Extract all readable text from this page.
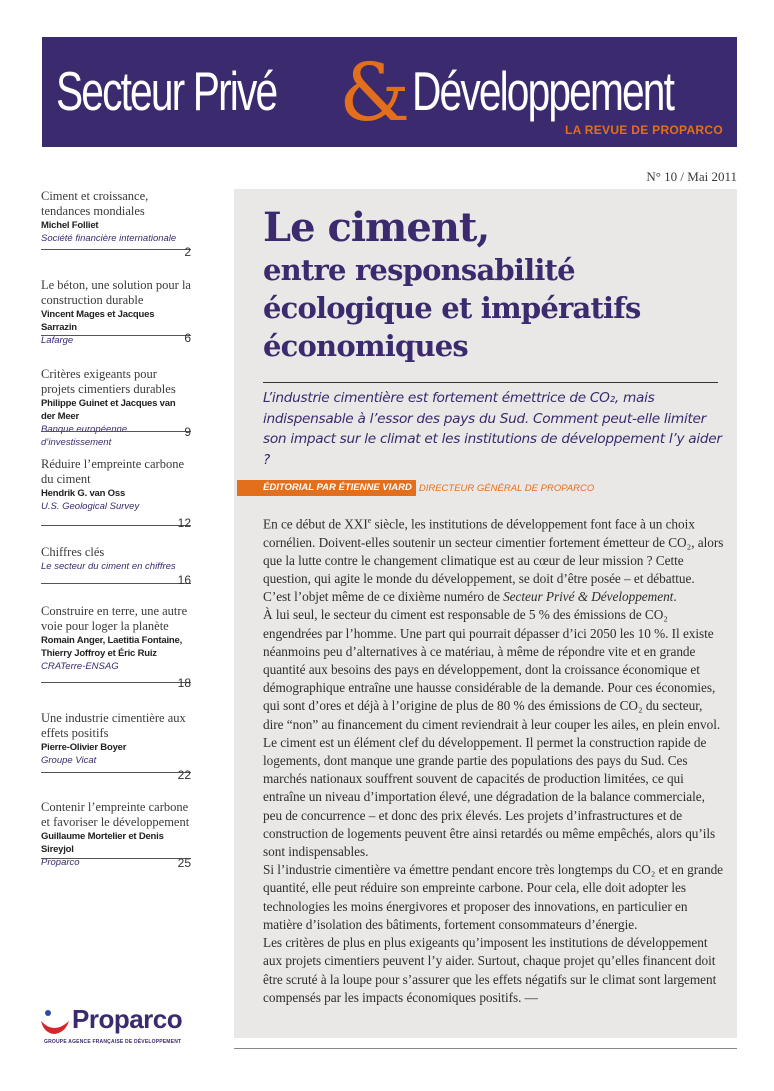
Secteur Privé & Développement
LA REVUE DE PROPARCO
N° 10 / Mai 2011
Ciment et croissance, tendances mondiales
Michel Folliet
Société financière internationale
2
Le béton, une solution pour la construction durable
Vincent Mages et Jacques Sarrazin
Lafarge	6
Critères exigeants pour projets cimentiers durables
Philippe Guinet et Jacques van der Meer
Banque européenne d’investissement
9
Réduire l’empreinte carbone du ciment
Hendrik G. van Oss
U.S. Geological Survey
12
Chiffres clés
Le secteur du ciment en chiffres
16
Construire en terre, une autre voie pour loger la planète
Romain Anger, Laetitia Fontaine, Thierry Joffroy et Éric Ruiz
CRATerre-ENSAG
18
Une industrie cimentière aux effets positifs
Pierre-Olivier Boyer
Groupe Vicat
22
Contenir l’empreinte carbone et favoriser le développement
Guillaume Mortelier et Denis Sireyjol
Proparco	25
Proparco
GROUPE AGENCE FRANÇAISE DE DÉVELOPPEMENT
Le ciment,
entre responsabilité
écologique et impératifs
économiques
L’industrie cimentière est fortement émettrice de CO₂, mais indispensable à l’essor des pays du Sud. Comment peut-elle limiter son impact sur le climat et les institutions de développement l’y aider ?
ÉDITORIAL PAR ÉTIENNE VIARD DIRECTEUR GÉNÉRAL DE PROPARCO

En ce début de XXIe siècle, les institutions de développement font face à un choix cornélien. Doivent-elles soutenir un secteur cimentier fortement émetteur de CO₂, alors que la lutte contre le changement climatique est au cœur de leur mission ? Cette question, qui agite le monde du développement, se doit d’être posée – et débattue. C’est l’objet même de ce dixième numéro de Secteur Privé & Développement.

À lui seul, le secteur du ciment est responsable de 5 % des émissions de CO₂ engendrées par l’homme. Une part qui pourrait dépasser d’ici 2050 les 10 %. Il existe néanmoins peu d’alternatives à ce matériau, à même de répondre vite et en grande quantité aux besoins des pays en développement, dont la croissance économique et démographique entraîne une hausse considérable de la demande. Pour ces économies, qui sont d’ores et déjà à l’origine de plus de 80 % des émissions de CO₂ du secteur, dire “non” au financement du ciment reviendrait à leur couper les ailes, en plein envol. Le ciment est un élément clef du développement. Il permet la construction rapide de logements, dont manque une grande partie des populations des pays du Sud. Ces marchés nationaux souffrent souvent de capacités de production limitées, ce qui entraîne un niveau d’importation élevé, une dégradation de la balance commerciale, peu de concurrence – et donc des prix élevés. Les projets d’infrastructures et de construction de logements peuvent être ainsi retardés ou même empêchés, alors qu’ils sont indispensables.

Si l’industrie cimentière va émettre pendant encore très longtemps du CO₂ et en grande quantité, elle peut réduire son empreinte carbone. Pour cela, elle doit adopter les technologies les moins énergivores et proposer des innovations, en particulier en matière d’isolation des bâtiments, fortement consommateurs d’énergie.

Les critères de plus en plus exigeants qu’imposent les institutions de développement aux projets cimentiers peuvent l’y aider. Surtout, chaque projet qu’elles financent doit être scruté à la loupe pour s’assurer que les effets négatifs sur le climat sont largement compensés par les impacts économiques positifs. —
